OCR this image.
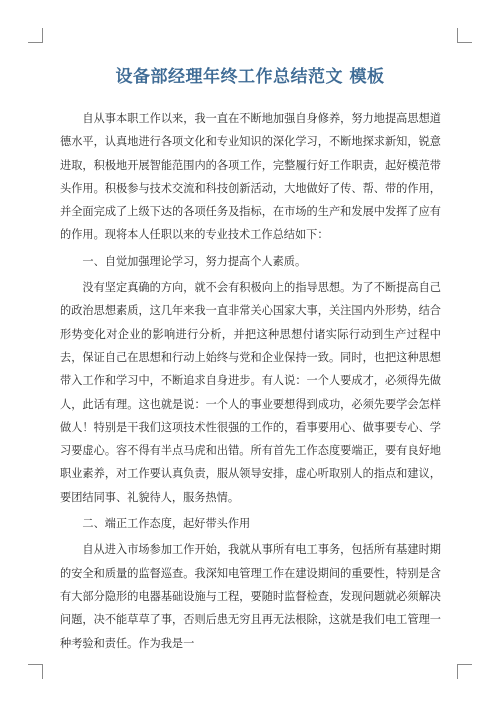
设备部经理年终工作总结范文 模板

自从事本职工作以来，我一直在不断地加强自身修养，努力地提高思想道德水平，认真地进行各项文化和专业知识的深化学习，不断地探求新知，锐意进取，积极地开展智能范围内的各项工作，完整履行好工作职责，起好模范带头作用。积极参与技术交流和科技创新活动，大地做好了传、帮、带的作用，并全面完成了上级下达的各项任务及指标，在市场的生产和发展中发挥了应有的作用。现将本人任职以来的专业技术工作总结如下：

一、自觉加强理论学习，努力提高个人素质。

没有坚定真确的方向，就不会有积极向上的指导思想。为了不断提高自己的政治思想素质，这几年来我一直非常关心国家大事，关注国内外形势，结合形势变化对企业的影响进行分析，并把这种思想付诸实际行动到生产过程中去，保证自己在思想和行动上始终与党和企业保持一致。同时，也把这种思想带入工作和学习中，不断追求自身进步。有人说：一个人要成才，必须得先做人，此话有理。这也就是说：一个人的事业要想得到成功，必须先要学会怎样做人！特别是干我们这项技术性很强的工作的，看事要用心、做事要专心、学习要虚心。容不得有半点马虎和出错。所有首先工作态度要端正，要有良好地职业素养，对工作要认真负责，服从领导安排，虚心听取别人的指点和建议，要团结同事、礼貌待人，服务热情。

二、端正工作态度，起好带头作用

自从进入市场参加工作开始，我就从事所有电工事务，包括所有基建时期的安全和质量的监督巡查。我深知电管理工作在建设期间的重要性，特别是含有大部分隐形的电器基础设施与工程，要随时监督检查，发现问题就必须解决问题，决不能草草了事，否则后患无穷且再无法根除，这就是我们电工管理一种考验和责任。作为我是一
